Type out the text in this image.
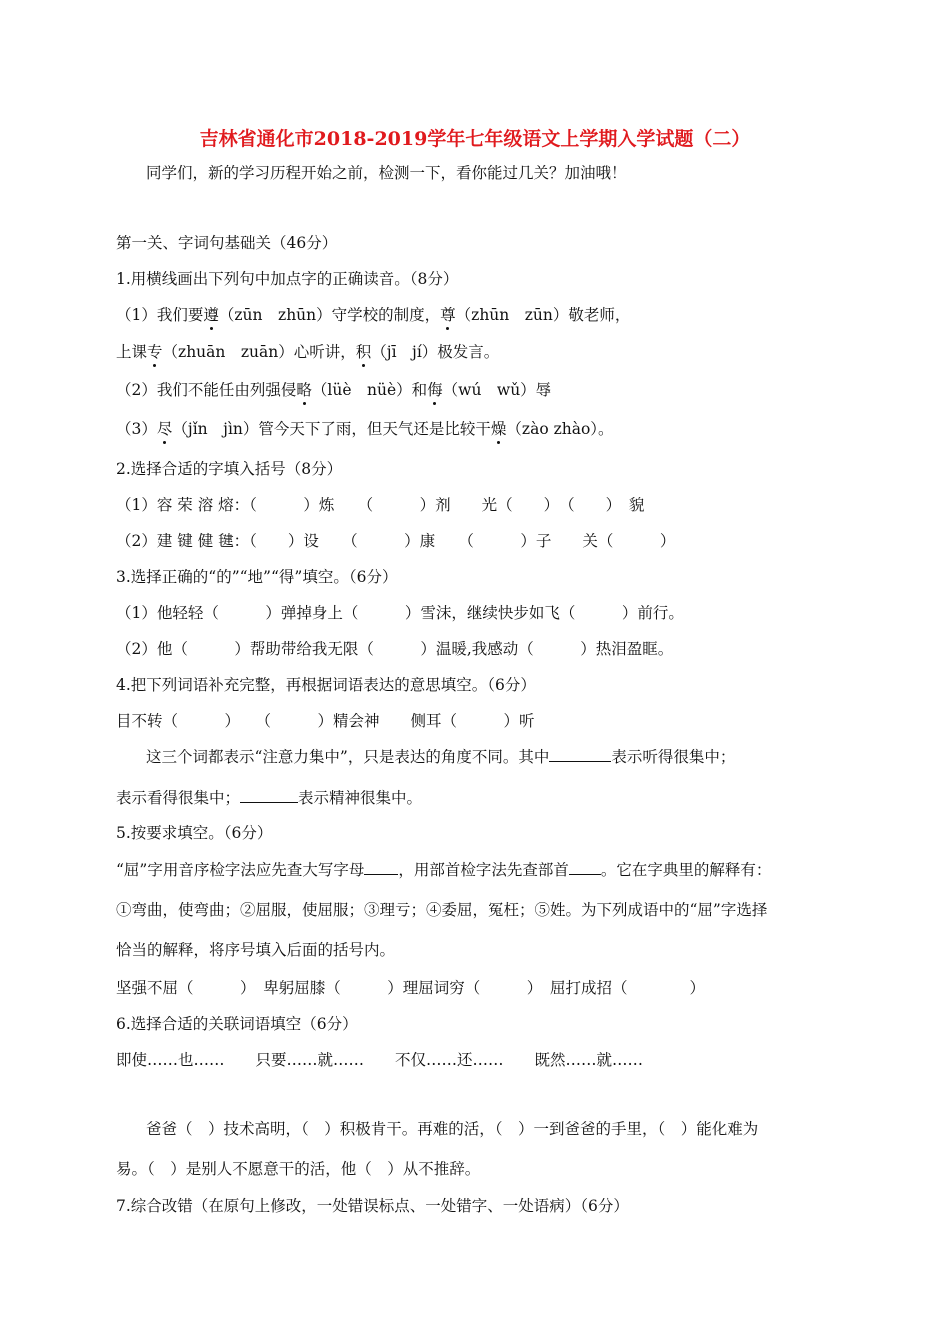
吉林省通化市2018-2019学年七年级语文上学期入学试题（二）
同学们，新的学习历程开始之前，检测一下，看你能过几关？加油哦！
第一关、字词句基础关（46分）
1.用横线画出下列句中加点字的正确读音。（8分）
（1）我们要遵（zūn　zhūn）守学校的制度，尊（zhūn　zūn）敬老师，
上课专（zhuān　zuān）心听讲，积（jī　jí）极发言。
（2）我们不能任由列强侵略（lüè　nüè）和侮（wú　wǔ）辱
（3）尽（jǐn　jìn）管今天下了雨，但天气还是比较干燥（zào zhào）。
2.选择合适的字填入括号（8分）
（1）容 荣 溶 熔：（　　　）炼　　（　　　）剂　　光（　　）　（　　）　貌
（2）建 键 健 毽：（　　）设　　（　　　）康　　（　　　）子　　关（　　　）
3.选择正确的“的”“地”“得”填空。（6分）
（1）他轻轻（　　　）弹掉身上（　　　）雪沫，继续快步如飞（　　　）前行。
（2）他（　　　）帮助带给我无限（　　　）温暖,我感动（　　　）热泪盈眶。
4.把下列词语补充完整，再根据词语表达的意思填空。（6分）
目不转（　　　）　　（　　　）精会神　　侧耳（　　　）听
这三个词都表示“注意力集中”，只是表达的角度不同。其中	表示听得很集中；
表示看得很集中；	表示精神很集中。
5.按要求填空。（6分）
“屈”字用音序检字法应先查大写字母 ，用部首检字法先查部首 。它在字典里的解释有：
①弯曲，使弯曲；②屈服，使屈服；③理亏；④委屈，冤枉；⑤姓。为下列成语中的“屈”字选择
恰当的解释，将序号填入后面的括号内。
坚强不屈（　　　）　卑躬屈膝（　　　）理屈词穷（　　　）　屈打成招（　　　　）
6.选择合适的关联词语填空（6分）
即使……也……　　只要……就……　　不仅……还……　　既然……就……
爸爸（　）技术高明，（　）积极肯干。再难的活，（　）一到爸爸的手里，（　）能化难为
易。（　）是别人不愿意干的活，他（　）从不推辞。
7.综合改错（在原句上修改，一处错误标点、一处错字、一处语病）（6分）
